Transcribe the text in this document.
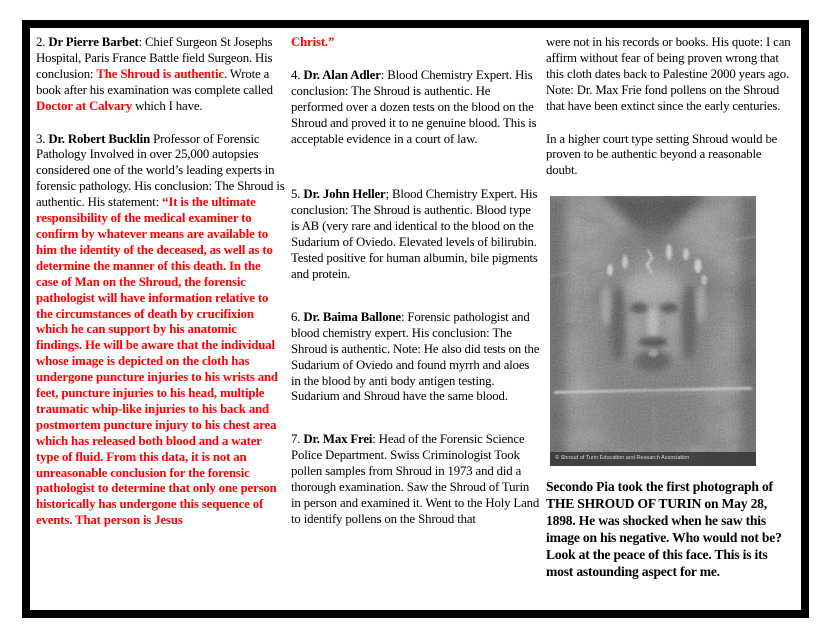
2. Dr Pierre Barbet: Chief Surgeon St Josephs Hospital, Paris France Battle field Surgeon. His conclusion: The Shroud is authentic. Wrote a book after his examination was complete called Doctor at Calvary which I have.

3. Dr. Robert Bucklin Professor of Forensic Pathology Involved in over 25,000 autopsies considered one of the world’s leading experts in forensic pathology. His conclusion: The Shroud is authentic. His statement: “It is the ultimate responsibility of the medical examiner to confirm by whatever means are available to him the identity of the deceased, as well as to determine the manner of this death. In the case of Man on the Shroud, the forensic pathologist will have information relative to the circumstances of death by crucifixion which he can support by his anatomic findings. He will be aware that the individual whose image is depicted on the cloth has undergone puncture injuries to his wrists and feet, puncture injuries to his head, multiple traumatic whip-like injuries to his back and postmortem puncture injury to his chest area which has released both blood and a water type of fluid. From this data, it is not an unreasonable conclusion for the forensic pathologist to determine that only one person historically has undergone this sequence of events. That person is Jesus

Christ.”

4. Dr. Alan Adler: Blood Chemistry Expert. His conclusion: The Shroud is authentic. He performed over a dozen tests on the blood on the Shroud and proved it to ne genuine blood. This is acceptable evidence in a court of law.

5. Dr. John Heller; Blood Chemistry Expert. His conclusion: The Shroud is authentic. Blood type is AB (very rare and identical to the blood on the Sudarium of Oviedo. Elevated levels of bilirubin. Tested positive for human albumin, bile pigments and protein.

6. Dr. Baima Ballone: Forensic pathologist and blood chemistry expert. His conclusion: The Shroud is authentic. Note: He also did tests on the Sudarium of Oviedo and found myrrh and aloes in the blood by anti body antigen testing. Sudarium and Shroud have the same blood.

7. Dr. Max Frei: Head of the Forensic Science Police Department. Swiss Criminologist Took pollen samples from Shroud in 1973 and did a thorough examination. Saw the Shroud of Turin in person and examined it. Went to the Holy Land to identify pollens on the Shroud that

were not in his records or books. His quote: I can affirm without fear of being proven wrong that this cloth dates back to Palestine 2000 years ago. Note: Dr. Max Frie fond pollens on the Shroud that have been extinct since the early centuries.

In a higher court type setting Shroud would be proven to be authentic beyond a reasonable doubt.

© Shroud of Turin Education and Research Association

Secondo Pia took the first photograph of THE SHROUD OF TURIN on May 28, 1898. He was shocked when he saw this image on his negative. Who would not be? Look at the peace of this face. This is its most astounding aspect for me.
